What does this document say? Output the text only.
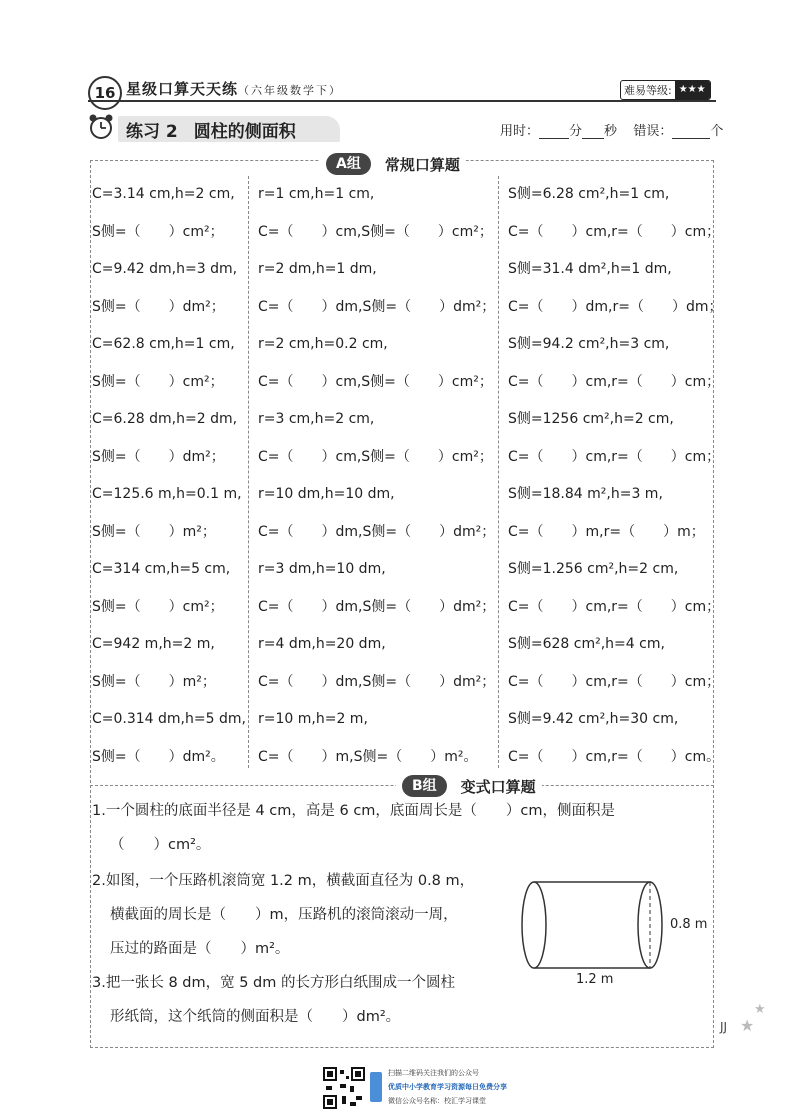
16 星级口算天天练（六年级数学下）	难易等级: ★★★
练习 2 圆柱的侧面积	用时： 分 秒 错误：	个
A组	常规口算题
C=3.14 cm,h=2 cm,
S侧=（　　）cm²；
C=9.42 dm,h=3 dm,
S侧=（　　）dm²；
C=62.8 cm,h=1 cm,
S侧=（　　）cm²；
C=6.28 dm,h=2 dm,
S侧=（　　）dm²；
C=125.6 m,h=0.1 m,
S侧=（　　）m²；
C=314 cm,h=5 cm,
S侧=（　　）cm²；
C=942 m,h=2 m,
S侧=（　　）m²；
C=0.314 dm,h=5 dm,
S侧=（　　）dm²。
r=1 cm,h=1 cm,
C=（　　）cm,S侧=（　　）cm²；
r=2 dm,h=1 dm,
C=（　　）dm,S侧=（　　）dm²；
r=2 cm,h=0.2 cm,
C=（　　）cm,S侧=（　　）cm²；
r=3 cm,h=2 cm,
C=（　　）cm,S侧=（　　）cm²；
r=10 dm,h=10 dm,
C=（　　）dm,S侧=（　　）dm²；
r=3 dm,h=10 dm,
C=（　　）dm,S侧=（　　）dm²；
r=4 dm,h=20 dm,
C=（　　）dm,S侧=（　　）dm²；
r=10 m,h=2 m,
C=（　　）m,S侧=（　　）m²。
S侧=6.28 cm²,h=1 cm,
C=（　　）cm,r=（　　）cm；
S侧=31.4 dm²,h=1 dm,
C=（　　）dm,r=（　　）dm；
S侧=94.2 cm²,h=3 cm,
C=（　　）cm,r=（　　）cm；
S侧=1256 cm²,h=2 cm,
C=（　　）cm,r=（　　）cm；
S侧=18.84 m²,h=3 m,
C=（　　）m,r=（　　）m；
S侧=1.256 cm²,h=2 cm,
C=（　　）cm,r=（　　）cm；
S侧=628 cm²,h=4 cm,
C=（　　）cm,r=（　　）cm；
S侧=9.42 cm²,h=30 cm,
C=（　　）cm,r=（　　）cm。
B组	变式口算题
1.一个圆柱的底面半径是 4 cm，高是 6 cm，底面周长是（　　）cm，侧面积是
（　　）cm²。
2.如图，一个压路机滚筒宽 1.2 m，横截面直径为 0.8 m，
横截面的周长是（　　）m，压路机的滚筒滚动一周，
压过的路面是（　　）m²。
3.把一张长 8 dm，宽 5 dm 的长方形白纸围成一个圆柱
形纸筒，这个纸筒的侧面积是（　　）dm²。
1.2 m
0.8 m
JJ ★
★
扫描二维码关注我们的公众号
优质中小学教育学习资源每日免费分享
微信公众号名称：校汇学习课堂
